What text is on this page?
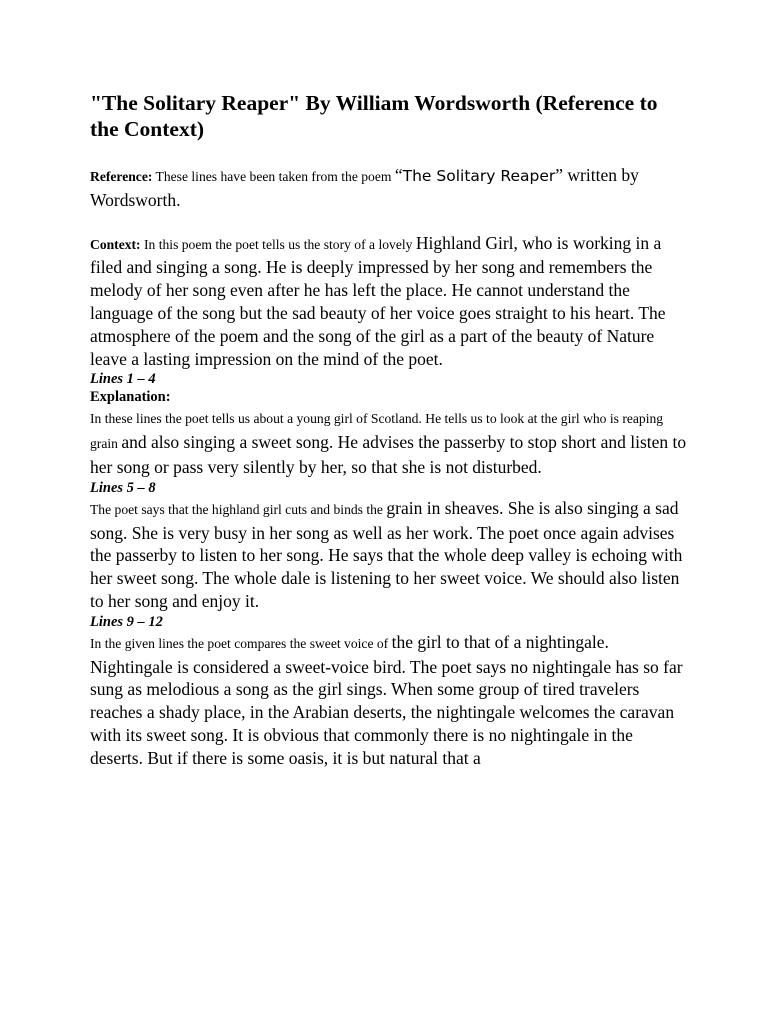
"The Solitary Reaper" By William Wordsworth (Reference to the Context)

Reference: These lines have been taken from the poem “The Solitary Reaper” written by Wordsworth.

Context: In this poem the poet tells us the story of a lovely Highland Girl, who is working in a filed and singing a song. He is deeply impressed by her song and remembers the melody of her song even after he has left the place. He cannot understand the language of the song but the sad beauty of her voice goes straight to his heart. The atmosphere of the poem and the song of the girl as a part of the beauty of Nature leave a lasting impression on the mind of the poet.

Lines 1 – 4

Explanation:

In these lines the poet tells us about a young girl of Scotland. He tells us to look at the girl who is reaping grain and also singing a sweet song. He advises the passerby to stop short and listen to her song or pass very silently by her, so that she is not disturbed.

Lines 5 – 8

The poet says that the highland girl cuts and binds the grain in sheaves. She is also singing a sad song. She is very busy in her song as well as her work. The poet once again advises the passerby to listen to her song. He says that the whole deep valley is echoing with her sweet song. The whole dale is listening to her sweet voice. We should also listen to her song and enjoy it.

Lines 9 – 12

In the given lines the poet compares the sweet voice of the girl to that of a nightingale. Nightingale is considered a sweet-voice bird. The poet says no nightingale has so far sung as melodious a song as the girl sings. When some group of tired travelers reaches a shady place, in the Arabian deserts, the nightingale welcomes the caravan with its sweet song. It is obvious that commonly there is no nightingale in the deserts. But if there is some oasis, it is but natural that a
